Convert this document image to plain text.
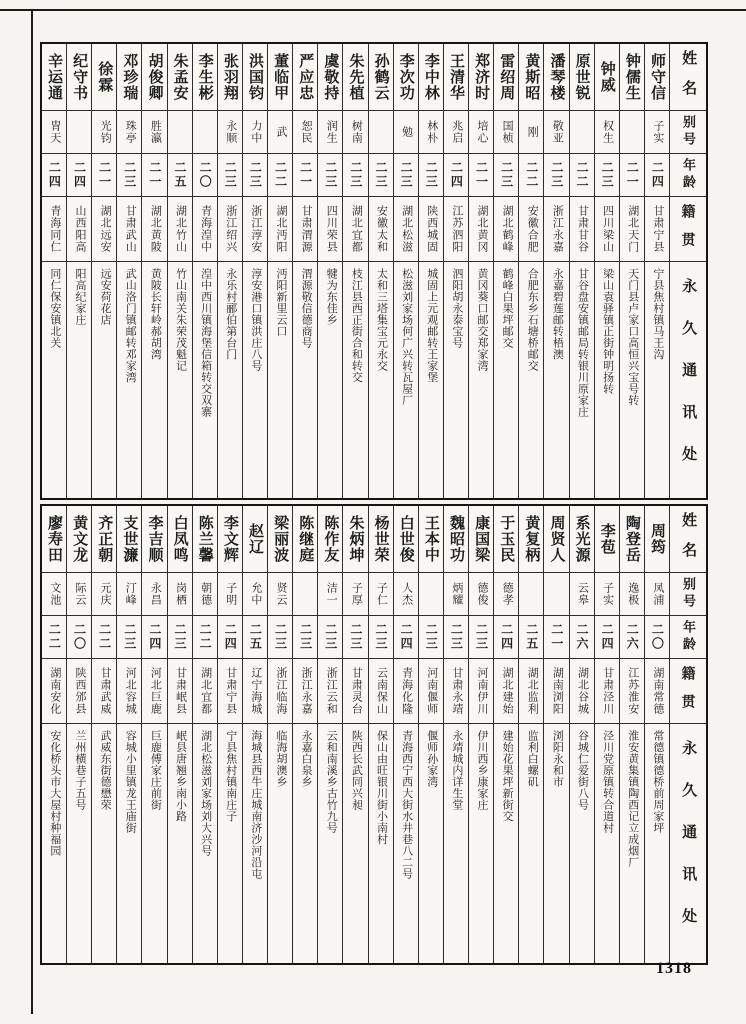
姓名
别号
年龄
籍贯
永久通讯处
师守信
子实
二四
甘肃宁县
宁县焦村镇马王沟
钟儒生
二一
湖北天门
天门县卢家口高恒兴宝号转
钟威
权生
二三
四川梁山
梁山袁驿镇正街钟明扬转
原世锐
二二
甘肃甘谷
甘谷盘安镇邮局转银川原家庄
潘琴楼
敬亚
二三
浙江永嘉
永嘉碧莲邮转梧澳
黄斯昭
刚
二二
安徽合肥
合肥东乡石塘桥邮交
雷绍周
国桢
二三
湖北鹤峰
鹤峰白果坪邮交
郑济时
培心
二一
湖北黄冈
黄冈葵口邮交郑家湾
王清华
兆启
二四
江苏泗阳
泗阳胡永泰宝号
李中林
林朴
二三
陕西城固
城固上元观邮转王家堡
李次功
勉
二三
湖北松滋
松滋刘家场何广兴转瓦屋厂
孙鹤云
二三
安徽太和
太和三塔集宝元永交
朱先植
树南
二三
湖北宜都
枝江县西正街合和转交
虞敬持
润生
二三
四川荣县
犍为东佳乡
严应忠
恕民
二一
甘肃渭源
渭源敬信德商号
董临甲
武
二二
湖北沔阳
沔阳新里云口
洪国钧
力中
二三
浙江淳安
淳安港口镇洪庄八号
张羽翔
永顺
二三
浙江绍兴
永乐村郦伯第台门
李生彬
二〇
青海湟中
湟中西川镇海堡信箱转交双寨
朱孟安
二五
湖北竹山
竹山南关朱荣茂魁记
胡俊卿
胜瀛
二一
湖北黄陂
黄陂长轩岭郝胡湾
邓珍瑞
珠亭
二三
甘肃武山
武山洛门镇邮转邓家湾
徐霖
光钧
二一
湖北远安
远安荷花店
纪守书
二四
山西阳高
阳高纪家庄
辛运通
胄天
二四
青海同仁
同仁保安镇北关
姓名
别号
年龄
籍贯
永久通讯处
周筠
凤浦
二〇
湖南常德
常德镇德桥前周家坪
陶登岳
逸极
二六
江苏淮安
淮安黄集镇陶西记立成烟厂
李苞
子实
二四
甘肃泾川
泾川党原镇转合道村
系光源
云皋
二六
湖北谷城
谷城仁爱街八号
周贤人
二一
湖南浏阳
浏阳永和市
黄复柄
二五
湖北监利
监利白螺矶
于玉民
德孝
二四
湖北建始
建始花果坪新街交
康国梁
德俊
二三
河南伊川
伊川西乡康家庄
魏昭功
炳耀
二三
甘肃永靖
永靖城内详生堂
王本中
二三
河南偃师
偃师孙家湾
白世俊
人杰
二四
青海化隆
青海西宁西大街水井巷八二号
杨世荣
子仁
二三
云南保山
保山由旺银川街小南村
朱炳坤
子厚
二三
甘肃灵台
陕西长武同兴昶
陈作友
洁一
二三
浙江云和
云和南溪乡古竹九号
陈继庭
二三
浙江永嘉
永嘉白泉乡
梁丽波
贤云
二三
浙江临海
临海胡澳乡
赵辽
允中
二五
辽宁海城
海城县西牛庄城南济沙河沿屯
李文辉
子明
二四
甘肃宁县
宁县焦村镇南庄子
陈兰馨
朝德
二二
湖北宜都
湖北松滋刘家场刘大兴号
白凤鸣
岗栖
二三
甘肃岷县
岷县唐翘乡南小路
李吉顺
永昌
二四
河北巨鹿
巨鹿傅家庄前街
支世濂
汀峰
二三
河北容城
容城小里镇龙王庙街
齐正朝
元庆
二二
甘肃武威
武威东街德懋荣
黄文龙
际云
二〇
陕西邠县
兰州横巷子五号
廖寿田
文池
二二
湖南安化
安化桥头市大屋村种福园
1318
